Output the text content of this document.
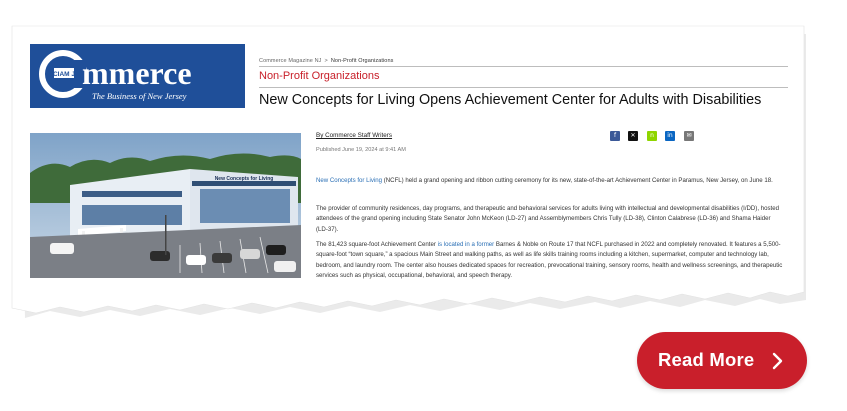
CIAM J mmerce
The Business of New Jersey
Commerce Magazine NJ > Non-Profit Organizations
Non-Profit Organizations
New Concepts for Living Opens Achievement Center for Adults with Disabilities
New Concepts for Living
By Commerce Staff Writers
Published June 19, 2024 at 9:41 AM
f	✕	n	in	✉
New Concepts for Living (NCFL) held a grand opening and ribbon cutting ceremony for its new, state-of-the-art Achievement Center in Paramus, New Jersey, on June 18.
The provider of community residences, day programs, and therapeutic and behavioral services for adults living with intellectual and developmental disabilities (I/DD), hosted attendees of the grand opening including State Senator John McKeon (LD-27) and Assemblymembers Chris Tully (LD-38), Clinton Calabrese (LD-36) and Shama Haider (LD-37).
The 81,423 square-foot Achievement Center is located in a former Barnes & Noble on Route 17 that NCFL purchased in 2022 and completely renovated. It features a 5,500-square-foot “town square,” a spacious Main Street and walking paths, as well as life skills training rooms including a kitchen, supermarket, computer and technology lab, bedroom, and laundry room. The center also houses dedicated spaces for recreation, prevocational training, sensory rooms, health and wellness screenings, and therapeutic services such as physical, occupational, behavioral, and speech therapy.
Read More
